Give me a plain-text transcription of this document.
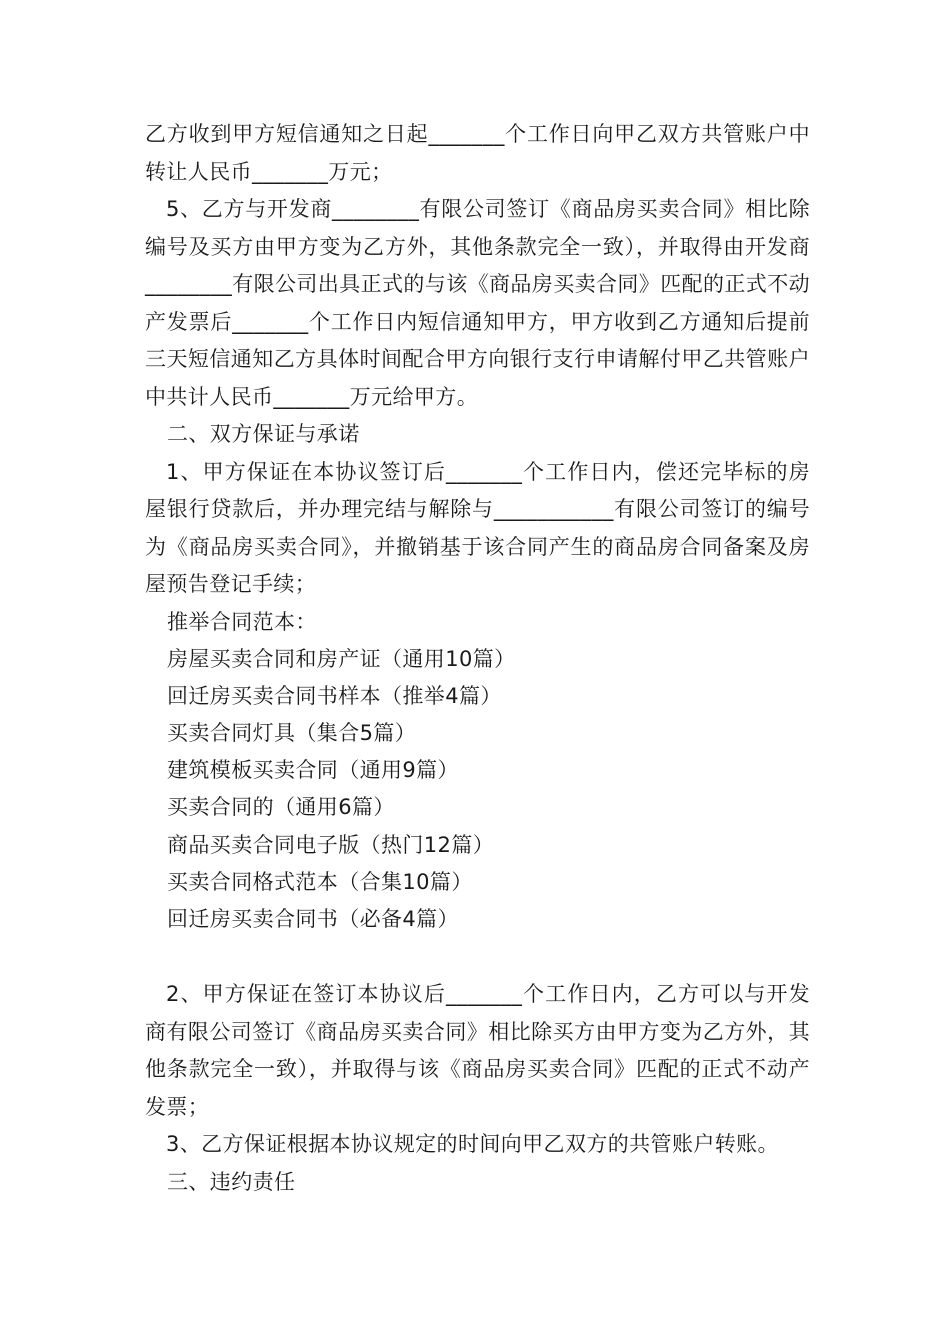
乙方收到甲方短信通知之日起_______个工作日向甲乙双方共管账户中转让人民币_______万元；

5、乙方与开发商________有限公司签订《商品房买卖合同》相比除编号及买方由甲方变为乙方外，其他条款完全一致），并取得由开发商________有限公司出具正式的与该《商品房买卖合同》匹配的正式不动产发票后_______个工作日内短信通知甲方，甲方收到乙方通知后提前三天短信通知乙方具体时间配合甲方向银行支行申请解付甲乙共管账户中共计人民币_______万元给甲方。

二、双方保证与承诺

1、甲方保证在本协议签订后_______个工作日内，偿还完毕标的房屋银行贷款后，并办理完结与解除与___________有限公司签订的编号为《商品房买卖合同》，并撤销基于该合同产生的商品房合同备案及房屋预告登记手续；

推举合同范本：

房屋买卖合同和房产证（通用10篇）
回迁房买卖合同书样本（推举4篇）
买卖合同灯具（集合5篇）
建筑模板买卖合同（通用9篇）
买卖合同的（通用6篇）
商品买卖合同电子版（热门12篇）
买卖合同格式范本（合集10篇）
回迁房买卖合同书（必备4篇）

2、甲方保证在签订本协议后_______个工作日内，乙方可以与开发商有限公司签订《商品房买卖合同》相比除买方由甲方变为乙方外，其他条款完全一致），并取得与该《商品房买卖合同》匹配的正式不动产发票；

3、乙方保证根据本协议规定的时间向甲乙双方的共管账户转账。

三、违约责任
